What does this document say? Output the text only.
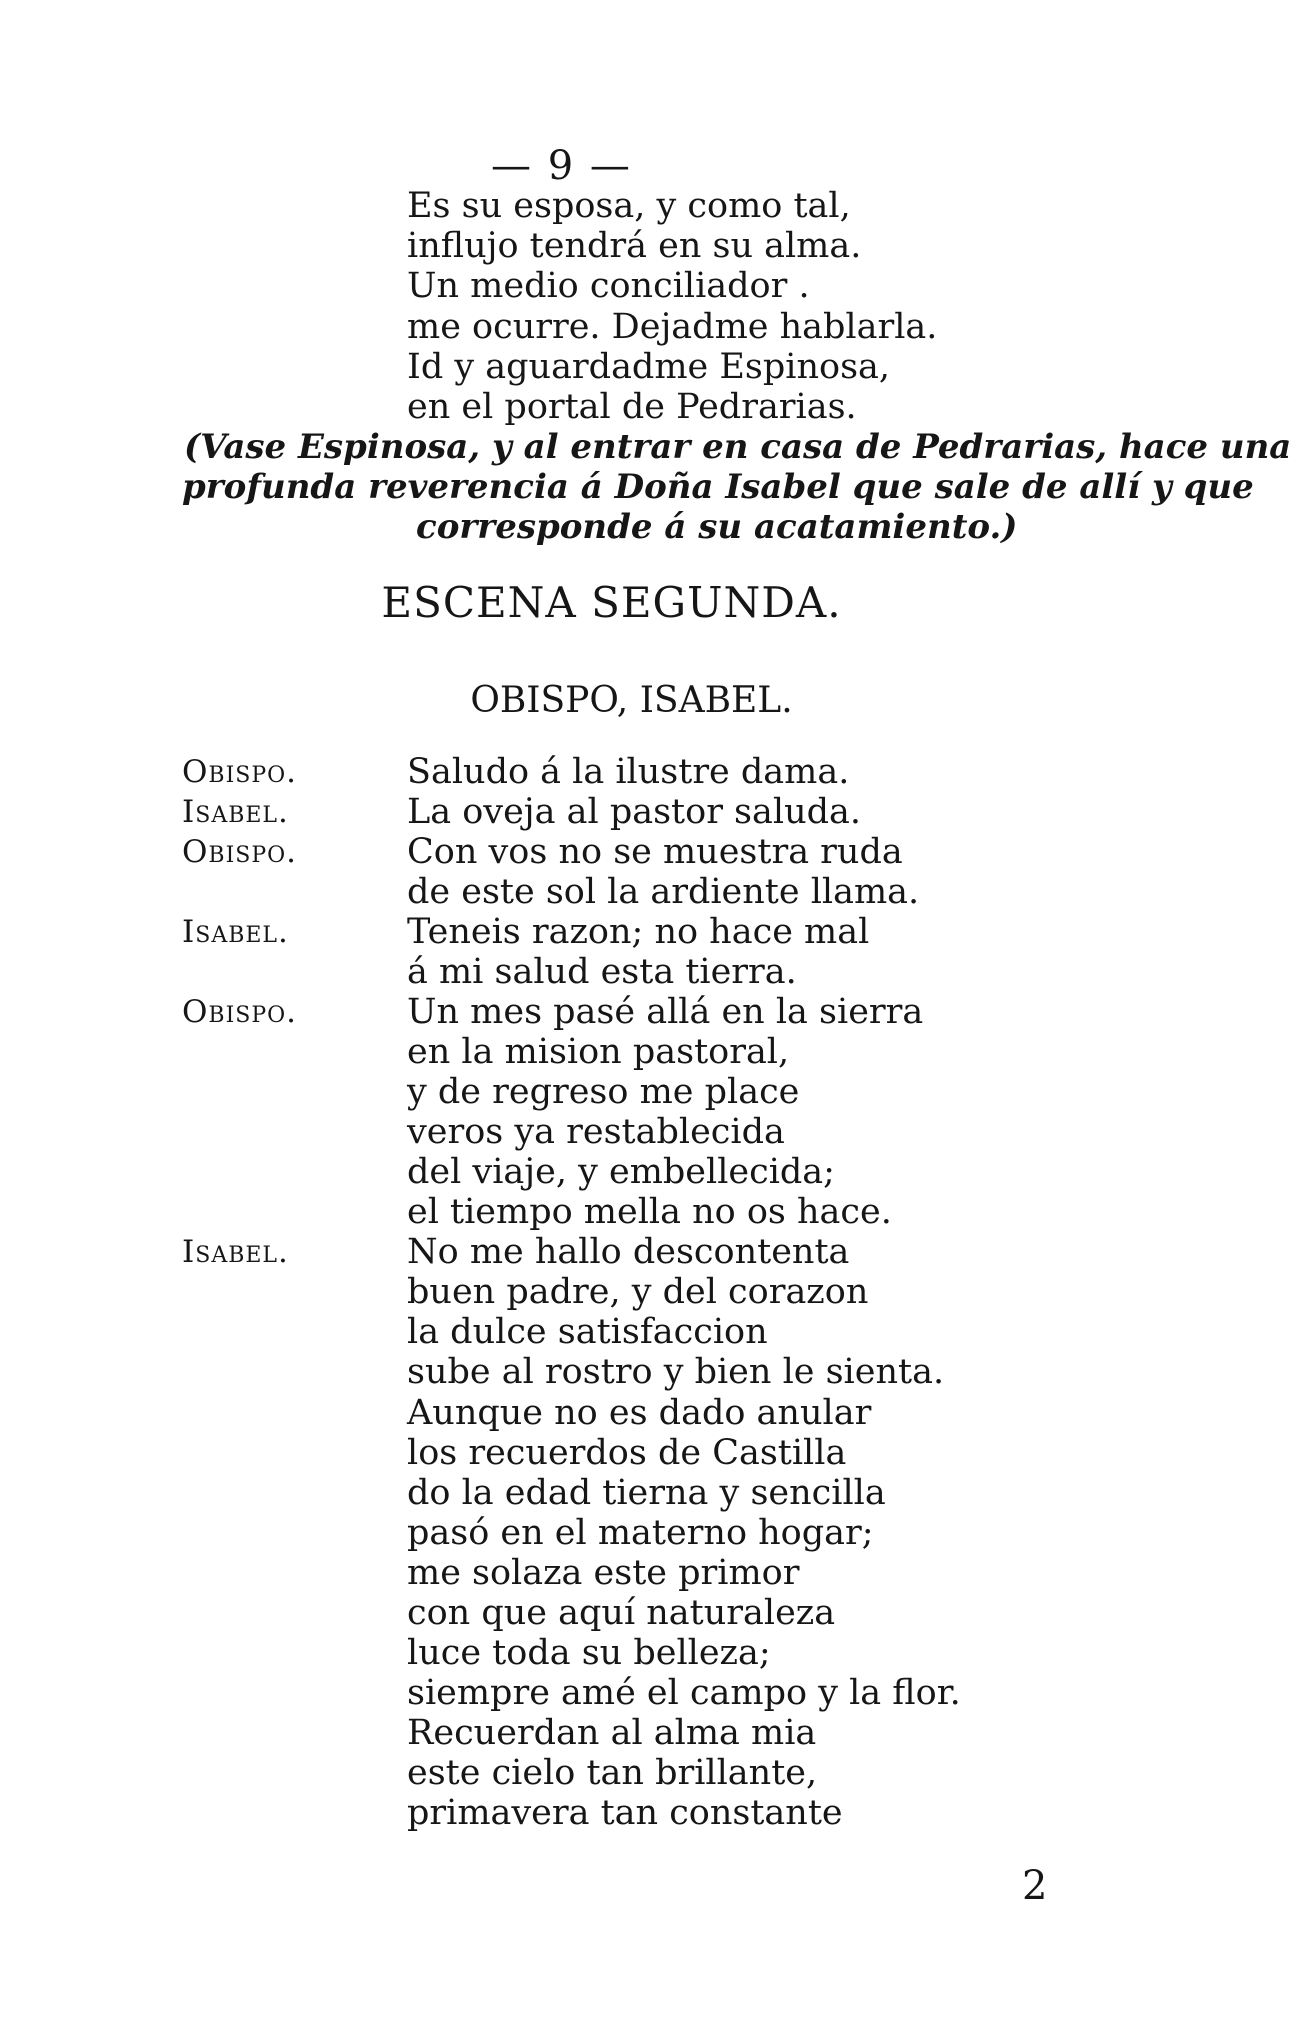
— 9 —
Es su esposa, y como tal,
influjo tendrá en su alma.
Un medio conciliador .
me ocurre. Dejadme hablarla.
Id y aguardadme Espinosa,
en el portal de Pedrarias.
(Vase Espinosa, y al entrar en casa de Pedrarias, hace una
profunda reverencia á Doña Isabel que sale de allí y que
corresponde á su acatamiento.)
ESCENA SEGUNDA.
OBISPO, ISABEL.
Obispo.	Saludo á la ilustre dama.
Isabel.	La oveja al pastor saluda.
Obispo.	Con vos no se muestra ruda
de este sol la ardiente llama.
Isabel.	Teneis razon; no hace mal
á mi salud esta tierra.
Obispo.	Un mes pasé allá en la sierra
en la mision pastoral,
y de regreso me place
veros ya restablecida
del viaje, y embellecida;
el tiempo mella no os hace.
Isabel.	No me hallo descontenta
buen padre, y del corazon
la dulce satisfaccion
sube al rostro y bien le sienta.
Aunque no es dado anular
los recuerdos de Castilla
do la edad tierna y sencilla
pasó en el materno hogar;
me solaza este primor
con que aquí naturaleza
luce toda su belleza;
siempre amé el campo y la flor.
Recuerdan al alma mia
este cielo tan brillante,
primavera tan constante
2
